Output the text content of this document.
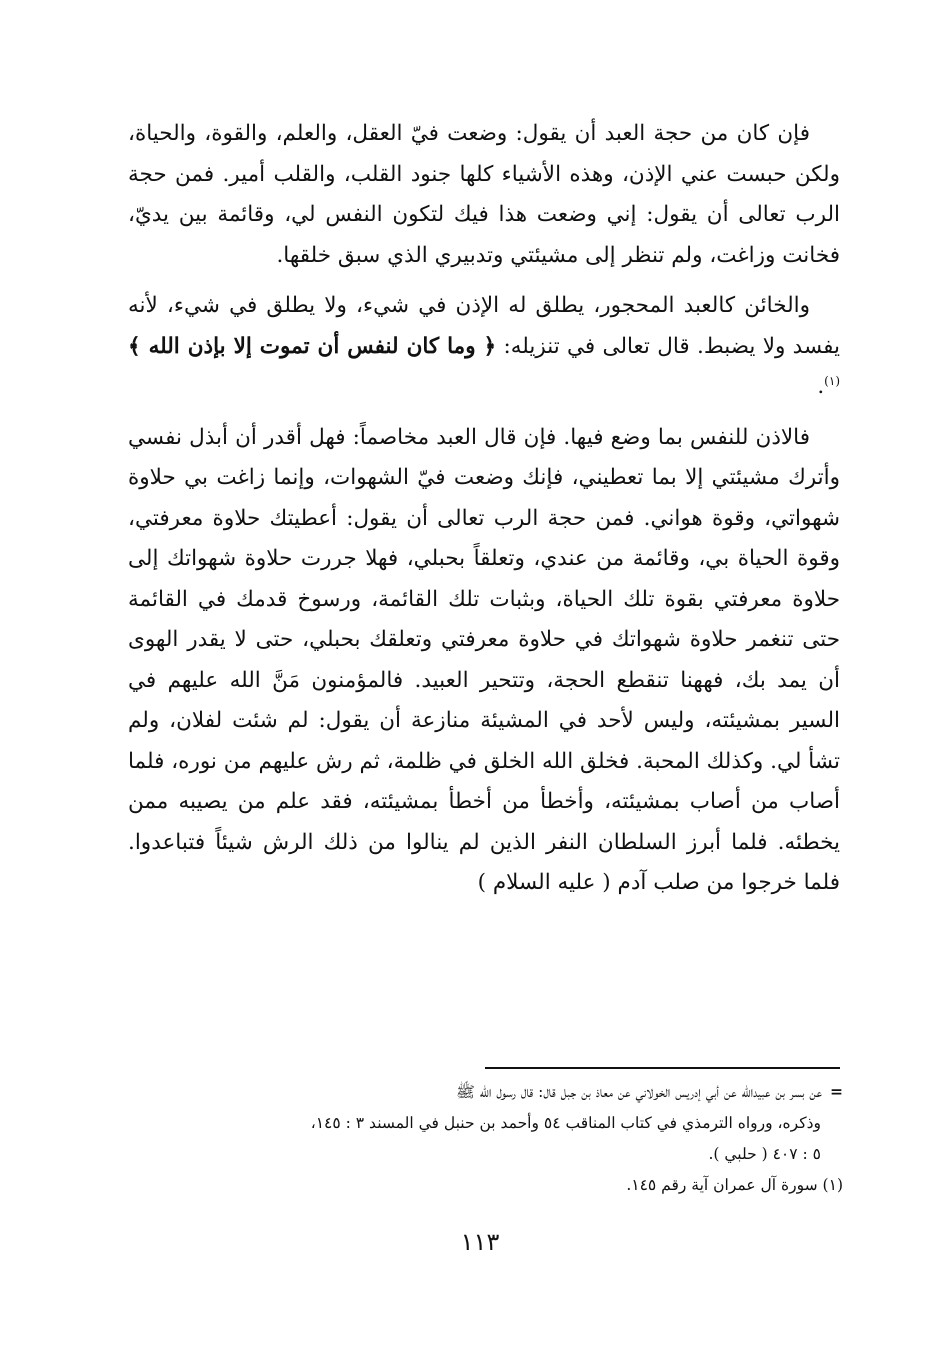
فإن كان من حجة العبد أن يقول: وضعت فيّ العقل، والعلم، والقوة، والحياة، ولكن حبست عني الإذن، وهذه الأشياء كلها جنود القلب، والقلب أمير. فمن حجة الرب تعالى أن يقول: إني وضعت هذا فيك لتكون النفس لي، وقائمة بين يديّ، فخانت وزاغت، ولم تنظر إلى مشيئتي وتدبيري الذي سبق خلقها.

والخائن كالعبد المحجور، يطلق له الإذن في شيء، ولا يطلق في شيء، لأنه يفسد ولا يضبط. قال تعالى في تنزيله: ﴿ وما كان لنفس أن تموت إلا بإذن الله ﴾$^{(١)}$.

فالاذن للنفس بما وضع فيها. فإن قال العبد مخاصماً: فهل أقدر أن أبذل نفسي وأترك مشيئتي إلا بما تعطيني، فإنك وضعت فيّ الشهوات، وإنما زاغت بي حلاوة شهواتي، وقوة هواني. فمن حجة الرب تعالى أن يقول: أعطيتك حلاوة معرفتي، وقوة الحياة بي، وقائمة من عندي، وتعلقاً بحبلي، فهلا جررت حلاوة شهواتك إلى حلاوة معرفتي بقوة تلك الحياة، وبثبات تلك القائمة، ورسوخ قدمك في القائمة حتى تنغمر حلاوة شهواتك في حلاوة معرفتي وتعلقك بحبلي، حتى لا يقدر الهوى أن يمد بك، فههنا تنقطع الحجة، وتتحير العبيد. فالمؤمنون مَنَّ الله عليهم في السير بمشيئته، وليس لأحد في المشيئة منازعة أن يقول: لم شئت لفلان، ولم تشأ لي. وكذلك المحبة. فخلق الله الخلق في ظلمة، ثم رش عليهم من نوره، فلما أصاب من أصاب بمشيئته، وأخطأ من أخطأ بمشيئته، فقد علم من يصيبه ممن يخطئه. فلما أبرز السلطان النفر الذين لم ينالوا من ذلك الرش شيئاً فتباعدوا. فلما خرجوا من صلب آدم ( عليه السلام )

=عن بسر بن عبيدالله عن أبي إدريس الخولاني عن معاذ بن جبل قال: قال رسول الله ﷺ

وذكره، ورواه الترمذي في كتاب المناقب ٥٤ وأحمد بن حنبل في المسند ٣ : ١٤٥،

٥ : ٤٠٧ ( حلبي ).

(١) سورة آل عمران آية رقم ١٤٥.

١١٣
